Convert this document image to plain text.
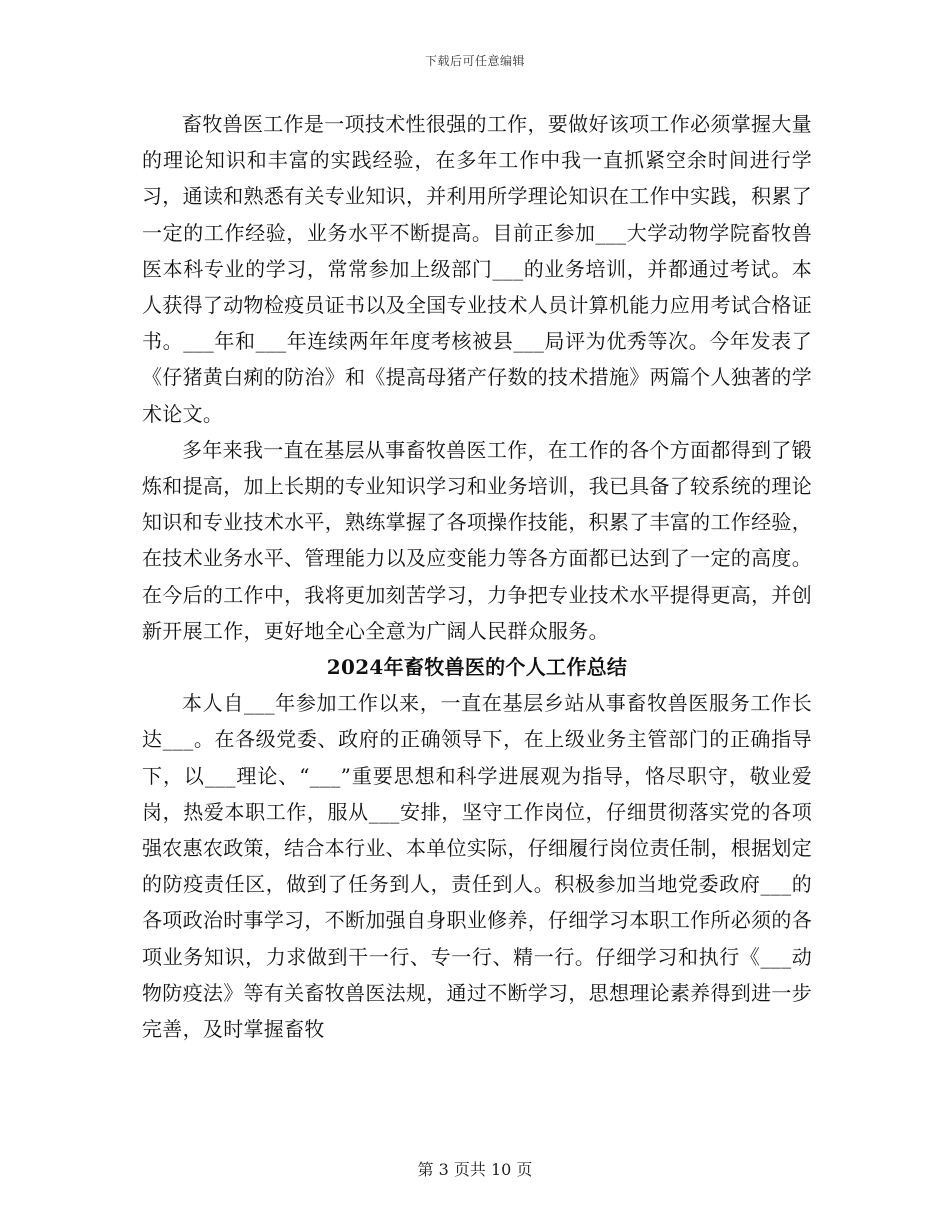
下载后可任意编辑

畜牧兽医工作是一项技术性很强的工作，要做好该项工作必须掌握大量的理论知识和丰富的实践经验，在多年工作中我一直抓紧空余时间进行学习，通读和熟悉有关专业知识，并利用所学理论知识在工作中实践，积累了一定的工作经验，业务水平不断提高。目前正参加___大学动物学院畜牧兽医本科专业的学习，常常参加上级部门___的业务培训，并都通过考试。本人获得了动物检疫员证书以及全国专业技术人员计算机能力应用考试合格证书。___年和___年连续两年年度考核被县___局评为优秀等次。今年发表了《仔猪黄白痢的防治》和《提高母猪产仔数的技术措施》两篇个人独著的学术论文。

多年来我一直在基层从事畜牧兽医工作，在工作的各个方面都得到了锻炼和提高，加上长期的专业知识学习和业务培训，我已具备了较系统的理论知识和专业技术水平，熟练掌握了各项操作技能，积累了丰富的工作经验，在技术业务水平、管理能力以及应变能力等各方面都已达到了一定的高度。在今后的工作中，我将更加刻苦学习，力争把专业技术水平提得更高，并创新开展工作，更好地全心全意为广阔人民群众服务。

2024年畜牧兽医的个人工作总结

本人自___年参加工作以来，一直在基层乡站从事畜牧兽医服务工作长达___。在各级党委、政府的正确领导下，在上级业务主管部门的正确指导下，以___理论、“___”重要思想和科学进展观为指导，恪尽职守，敬业爱岗，热爱本职工作，服从___安排，坚守工作岗位，仔细贯彻落实党的各项强农惠农政策，结合本行业、本单位实际，仔细履行岗位责任制，根据划定的防疫责任区，做到了任务到人，责任到人。积极参加当地党委政府___的各项政治时事学习，不断加强自身职业修养，仔细学习本职工作所必须的各项业务知识，力求做到干一行、专一行、精一行。仔细学习和执行《___动物防疫法》等有关畜牧兽医法规，通过不断学习，思想理论素养得到进一步完善，及时掌握畜牧

第 3 页共 10 页
